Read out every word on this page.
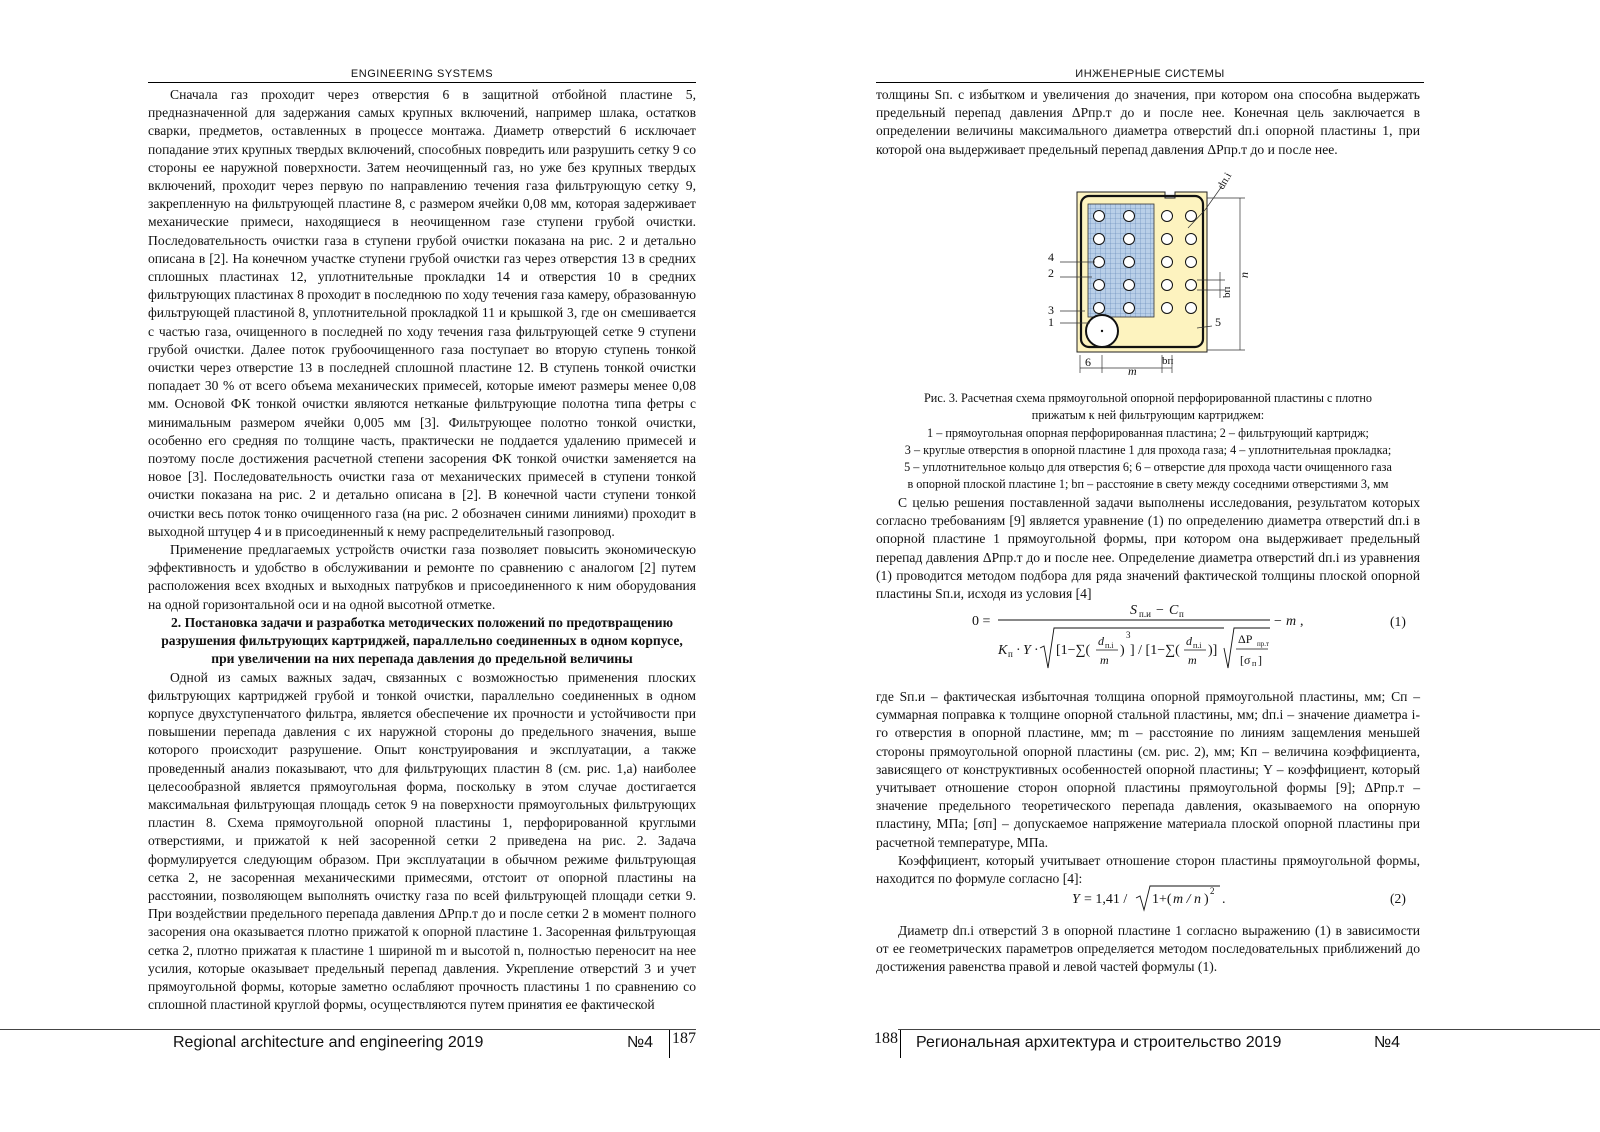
ENGINEERING SYSTEMS

Сначала газ проходит через отверстия 6 в защитной отбойной пластине 5, предназначенной для задержания самых крупных включений, например шлака, остатков сварки, предметов, оставленных в процессе монтажа. Диаметр отверстий 6 исключает попадание этих крупных твердых включений, способных повредить или разрушить сетку 9 со стороны ее наружной поверхности. Затем неочищенный газ, но уже без крупных твердых включений, проходит через первую по направлению течения газа фильтрующую сетку 9, закрепленную на фильтрующей пластине 8, с размером ячейки 0,08 мм, которая задерживает механические примеси, находящиеся в неочищенном газе ступени грубой очистки. Последовательность очистки газа в ступени грубой очистки показана на рис. 2 и детально описана в [2]. На конечном участке ступени грубой очистки газ через отверстия 13 в средних сплошных пластинах 12, уплотнительные прокладки 14 и отверстия 10 в средних фильтрующих пластинах 8 проходит в последнюю по ходу течения газа камеру, образованную фильтрующей пластиной 8, уплотнительной прокладкой 11 и крышкой 3, где он смешивается с частью газа, очищенного в последней по ходу течения газа фильтрующей сетке 9 ступени грубой очистки. Далее поток грубоочищенного газа поступает во вторую ступень тонкой очистки через отверстие 13 в последней сплошной пластине 12. В ступень тонкой очистки попадает 30 % от всего объема механических примесей, которые имеют размеры менее 0,08 мм. Основой ФК тонкой очистки являются нетканые фильтрующие полотна типа фетры с минимальным размером ячейки 0,005 мм [3]. Фильтрующее полотно тонкой очистки, особенно его средняя по толщине часть, практически не поддается удалению примесей и поэтому после достижения расчетной степени засорения ФК тонкой очистки заменяется на новое [3]. Последовательность очистки газа от механических примесей в ступени тонкой очистки показана на рис. 2 и детально описана в [2]. В конечной части ступени тонкой очистки весь поток тонко очищенного газа (на рис. 2 обозначен синими линиями) проходит в выходной штуцер 4 и в присоединенный к нему распределительный газопровод.

Применение предлагаемых устройств очистки газа позволяет повысить экономическую эффективность и удобство в обслуживании и ремонте по сравнению с аналогом [2] путем расположения всех входных и выходных патрубков и присоединенного к ним оборудования на одной горизонтальной оси и на одной высотной отметке.

2. Постановка задачи и разработка методических положений по предотвращению разрушения фильтрующих картриджей, параллельно соединенных в одном корпусе, при увеличении на них перепада давления до предельной величины

Одной из самых важных задач, связанных с возможностью применения плоских фильтрующих картриджей грубой и тонкой очистки, параллельно соединенных в одном корпусе двухступенчатого фильтра, является обеспечение их прочности и устойчивости при повышении перепада давления с их наружной стороны до предельного значения, выше которого происходит разрушение. Опыт конструирования и эксплуатации, а также проведенный анализ показывают, что для фильтрующих пластин 8 (см. рис. 1,а) наиболее целесообразной является прямоугольная форма, поскольку в этом случае достигается максимальная фильтрующая площадь сеток 9 на поверхности прямоугольных фильтрующих пластин 8. Схема прямоугольной опорной пластины 1, перфорированной круглыми отверстиями, и прижатой к ней засоренной сетки 2 приведена на рис. 2. Задача формулируется следующим образом. При эксплуатации в обычном режиме фильтрующая сетка 2, не засоренная механическими примесями, отстоит от опорной пластины на расстоянии, позволяющем выполнять очистку газа по всей фильтрующей площади сетки 9. При воздействии предельного перепада давления ΔPпр.т до и после сетки 2 в момент полного засорения она оказывается плотно прижатой к опорной пластине 1. Засоренная фильтрующая сетка 2, плотно прижатая к пластине 1 шириной m и высотой n, полностью переносит на нее усилия, которые оказывает предельный перепад давления. Укрепление отверстий 3 и учет прямоугольной формы, которые заметно ослабляют прочность пластины 1 по сравнению со сплошной пластиной круглой формы, осуществляются путем принятия ее фактической

Regional architecture and engineering 2019	№4 187
ИНЖЕНЕРНЫЕ СИСТЕМЫ

толщины Sп. с избытком и увеличения до значения, при котором она способна выдержать предельный перепад давления ΔPпр.т до и после нее. Конечная цель заключается в определении величины максимального диаметра отверстий dп.i опорной пластины 1, при которой она выдерживает предельный перепад давления ΔPпр.т до и после нее.

4
2
3
1	5
6
m
bп
n
bп
dп.i
Рис. 3. Расчетная схема прямоугольной опорной перфорированной пластины с плотно
прижатым к ней фильтрующим картриджем:
1 – прямоугольная опорная перфорированная пластина; 2 – фильтрующий картридж;
3 – круглые отверстия в опорной пластине 1 для прохода газа; 4 – уплотнительная прокладка;
5 – уплотнительное кольцо для отверстия 6; 6 – отверстие для прохода части очищенного газа
в опорной плоской пластине 1; bп – расстояние в свету между соседними отверстиями 3, мм

С целью решения поставленной задачи выполнены исследования, результатом которых согласно требованиям [9] является уравнение (1) по определению диаметра отверстий dп.i в опорной пластине 1 прямоугольной формы, при котором она выдерживает предельный перепад давления ΔPпр.т до и после нее. Определение диаметра отверстий dп.i из уравнения (1) проводится методом подбора для ряда значений фактической толщины плоской опорной пластины Sп.и, исходя из условия [4]

0 =
S п.и − C п	− m ,
K п · Y · [1−∑(
d п.i
m
)
3
] / [1−∑(
d п.i
m
)]
ΔP пр.т
[σ п ]
(1)

где Sп.и – фактическая избыточная толщина опорной прямоугольной пластины, мм; Cп – суммарная поправка к толщине опорной стальной пластины, мм; dп.i – значение диаметра i-го отверстия в опорной пластине, мм; m – расстояние по линиям защемления меньшей стороны прямоугольной опорной пластины (см. рис. 2), мм; Kп – величина коэффициента, зависящего от конструктивных особенностей опорной пластины; Y – коэффициент, который учитывает отношение сторон опорной пластины прямоугольной формы [9]; ΔPпр.т – значение предельного теоретического перепада давления, оказываемого на опорную пластину, МПа; [σп] – допускаемое напряжение материала плоской опорной пластины при расчетной температуре, МПа.

Коэффициент, который учитывает отношение сторон пластины прямоугольной формы, находится по формуле согласно [4]:

Y = 1,41 / 1+( m / n )
2
.	(2)

Диаметр dп.i отверстий 3 в опорной пластине 1 согласно выражению (1) в зависимости от ее геометрических параметров определяется методом последовательных приближений до достижения равенства правой и левой частей формулы (1).

188 Региональная архитектура и строительство 2019	№4
